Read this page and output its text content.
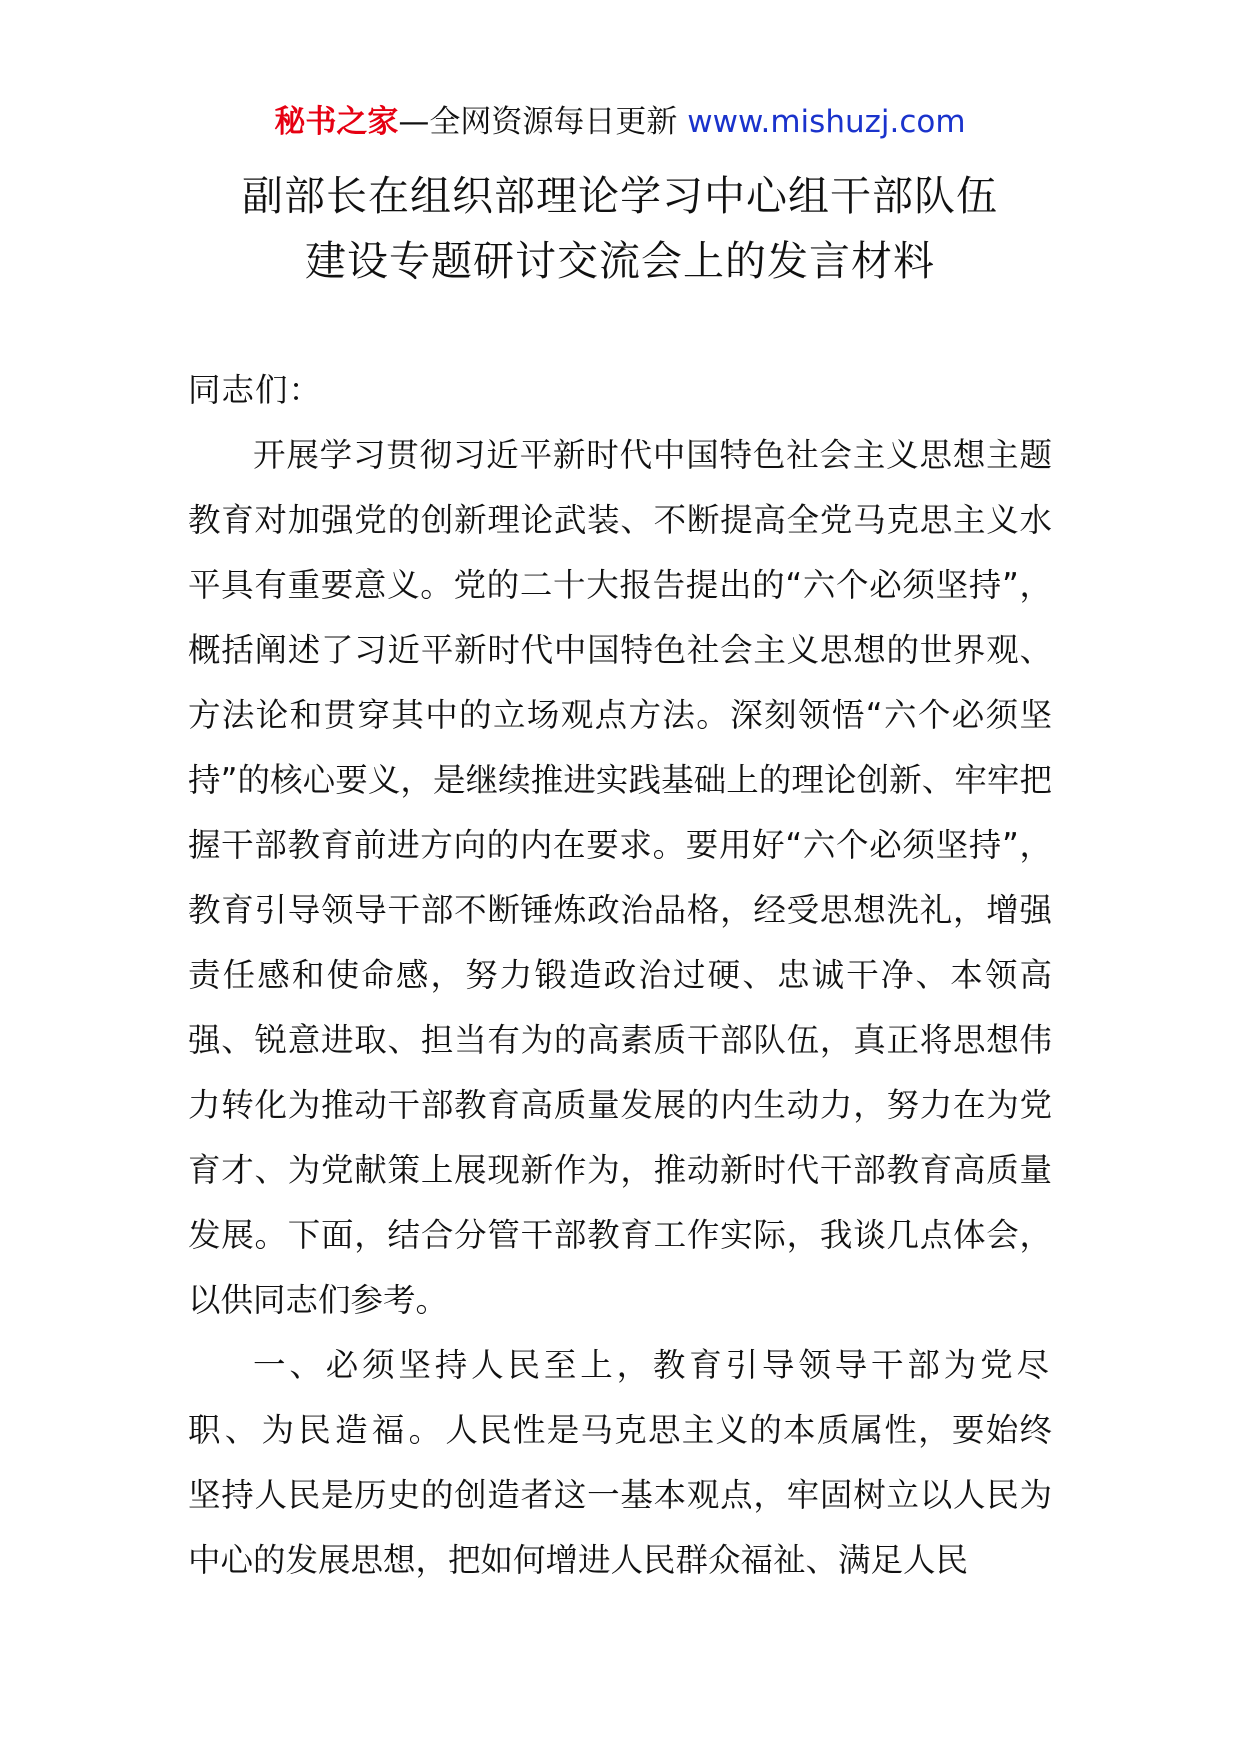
秘书之家—全网资源每日更新 www.mishuzj.com
副部长在组织部理论学习中心组干部队伍
建设专题研讨交流会上的发言材料

同志们：

开展学习贯彻习近平新时代中国特色社会主义思想主题教育对加强党的创新理论武装、不断提高全党马克思主义水平具有重要意义。党的二十大报告提出的“六个必须坚持”，概括阐述了习近平新时代中国特色社会主义思想的世界观、方法论和贯穿其中的立场观点方法。深刻领悟“六个必须坚持”的核心要义，是继续推进实践基础上的理论创新、牢牢把握干部教育前进方向的内在要求。要用好“六个必须坚持”，教育引导领导干部不断锤炼政治品格，经受思想洗礼，增强责任感和使命感，努力锻造政治过硬、忠诚干净、本领高强、锐意进取、担当有为的高素质干部队伍，真正将思想伟力转化为推动干部教育高质量发展的内生动力，努力在为党育才、为党献策上展现新作为，推动新时代干部教育高质量发展。下面，结合分管干部教育工作实际，我谈几点体会，以供同志们参考。

一、必须坚持人民至上，教育引导领导干部为党尽职、为民造福。人民性是马克思主义的本质属性，要始终坚持人民是历史的创造者这一基本观点，牢固树立以人民为中心的发展思想，把如何增进人民群众福祉、满足人民
